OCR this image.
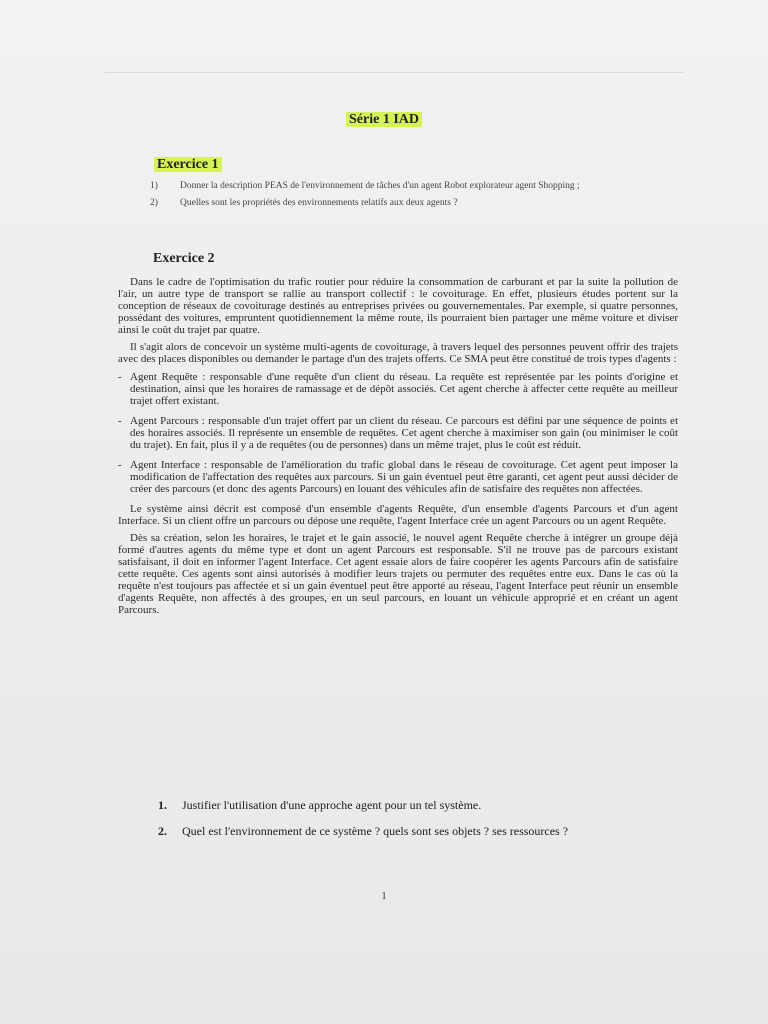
Série 1 IAD
Exercice 1
1)	Donner la description PEAS de l'environnement de tâches d'un agent Robot explorateur agent Shopping ;
2)	Quelles sont les propriétés des environnements relatifs aux deux agents ?
Exercice 2

Dans le cadre de l'optimisation du trafic routier pour réduire la consommation de carburant et par la suite la pollution de l'air, un autre type de transport se rallie au transport collectif : le covoiturage. En effet, plusieurs études portent sur la conception de réseaux de covoiturage destinés au entreprises privées ou gouvernementales. Par exemple, si quatre personnes, possédant des voitures, empruntent quotidiennement la même route, ils pourraient bien partager une même voiture et diviser ainsi le coût du trajet par quatre.

Il s'agit alors de concevoir un système multi-agents de covoiturage, à travers lequel des personnes peuvent offrir des trajets avec des places disponibles ou demander le partage d'un des trajets offerts. Ce SMA peut être constitué de trois types d'agents :

- Agent Requête : responsable d'une requête d'un client du réseau. La requête est représentée par les points d'origine et destination, ainsi que les horaires de ramassage et de dépôt associés. Cet agent cherche à affecter cette requête au meilleur trajet offert existant.
- Agent Parcours : responsable d'un trajet offert par un client du réseau. Ce parcours est défini par une séquence de points et des horaires associés. Il représente un ensemble de requêtes. Cet agent cherche à maximiser son gain (ou minimiser le coût du trajet). En fait, plus il y a de requêtes (ou de personnes) dans un même trajet, plus le coût est réduit.
- Agent Interface : responsable de l'amélioration du trafic global dans le réseau de covoiturage. Cet agent peut imposer la modification de l'affectation des requêtes aux parcours. Si un gain éventuel peut être garanti, cet agent peut aussi décider de créer des parcours (et donc des agents Parcours) en louant des véhicules afin de satisfaire des requêtes non affectées.

Le système ainsi décrit est composé d'un ensemble d'agents Requête, d'un ensemble d'agents Parcours et d'un agent Interface. Si un client offre un parcours ou dépose une requête, l'agent Interface crée un agent Parcours ou un agent Requête.

Dès sa création, selon les horaires, le trajet et le gain associé, le nouvel agent Requête cherche à intégrer un groupe déjà formé d'autres agents du même type et dont un agent Parcours est responsable. S'il ne trouve pas de parcours existant satisfaisant, il doit en informer l'agent Interface. Cet agent essaie alors de faire coopérer les agents Parcours afin de satisfaire cette requête. Ces agents sont ainsi autorisés à modifier leurs trajets ou permuter des requêtes entre eux. Dans le cas où la requête n'est toujours pas affectée et si un gain éventuel peut être apporté au réseau, l'agent Interface peut réunir un ensemble d'agents Requête, non affectés à des groupes, en un seul parcours, en louant un véhicule approprié et en créant un agent Parcours.

1.	Justifier l'utilisation d'une approche agent pour un tel système.
2.	Quel est l'environnement de ce système ? quels sont ses objets ? ses ressources ?
1
